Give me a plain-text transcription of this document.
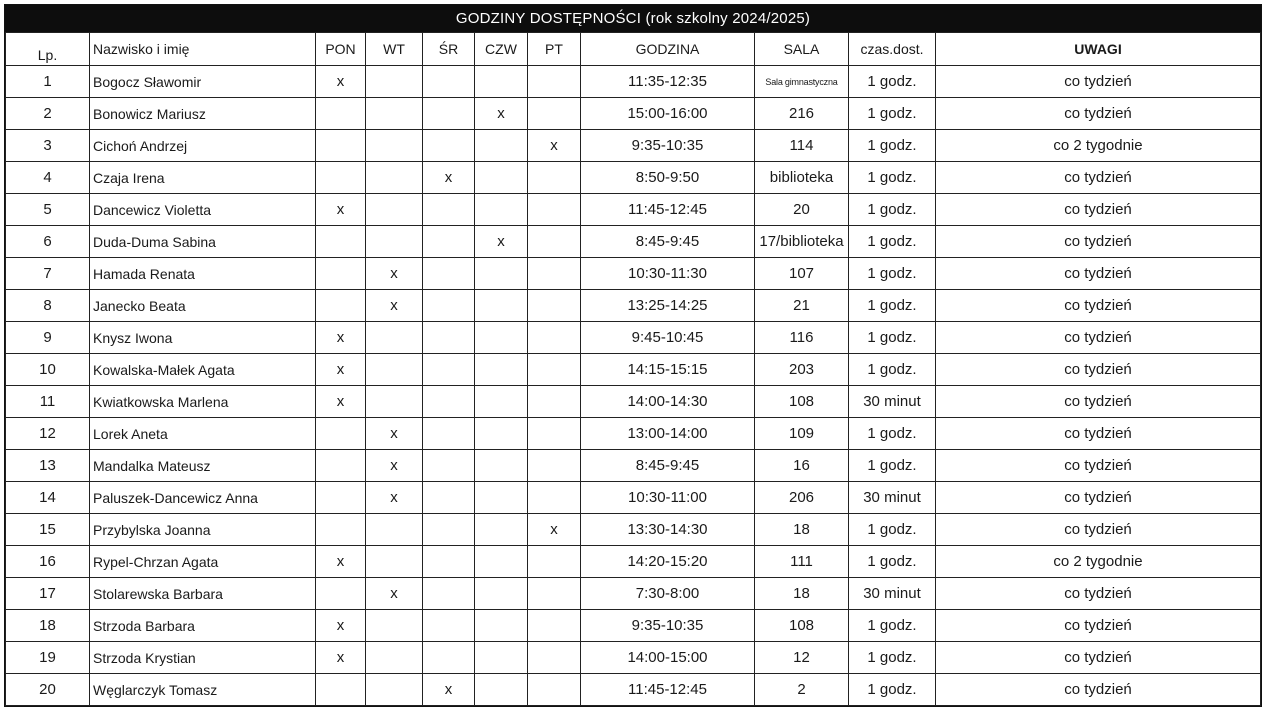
GODZINY DOSTĘPNOŚCI (rok szkolny 2024/2025)
Lp.	Nazwisko i imię	PON	WT	ŚR	CZW	PT	GODZINA	SALA	czas.dost.	UWAGI
1	Bogocz Sławomir	x					11:35-12:35	Sala gimnastyczna	1 godz.	co tydzień
2	Bonowicz Mariusz				x		15:00-16:00	216	1 godz.	co tydzień
3	Cichoń Andrzej					x	9:35-10:35	114	1 godz.	co 2 tygodnie
4	Czaja Irena			x			8:50-9:50	biblioteka	1 godz.	co tydzień
5	Dancewicz Violetta	x					11:45-12:45	20	1 godz.	co tydzień
6	Duda-Duma Sabina				x		8:45-9:45	17/biblioteka	1 godz.	co tydzień
7	Hamada Renata		x				10:30-11:30	107	1 godz.	co tydzień
8	Janecko Beata		x				13:25-14:25	21	1 godz.	co tydzień
9	Knysz Iwona	x					9:45-10:45	116	1 godz.	co tydzień
10	Kowalska-Małek Agata	x					14:15-15:15	203	1 godz.	co tydzień
11	Kwiatkowska Marlena	x					14:00-14:30	108	30 minut	co tydzień
12	Lorek Aneta		x				13:00-14:00	109	1 godz.	co tydzień
13	Mandalka Mateusz		x				8:45-9:45	16	1 godz.	co tydzień
14	Paluszek-Dancewicz Anna		x				10:30-11:00	206	30 minut	co tydzień
15	Przybylska Joanna					x	13:30-14:30	18	1 godz.	co tydzień
16	Rypel-Chrzan Agata	x					14:20-15:20	111	1 godz.	co 2 tygodnie
17	Stolarewska Barbara		x				7:30-8:00	18	30 minut	co tydzień
18	Strzoda Barbara	x					9:35-10:35	108	1 godz.	co tydzień
19	Strzoda Krystian	x					14:00-15:00	12	1 godz.	co tydzień
20	Węglarczyk Tomasz			x			11:45-12:45	2	1 godz.	co tydzień
